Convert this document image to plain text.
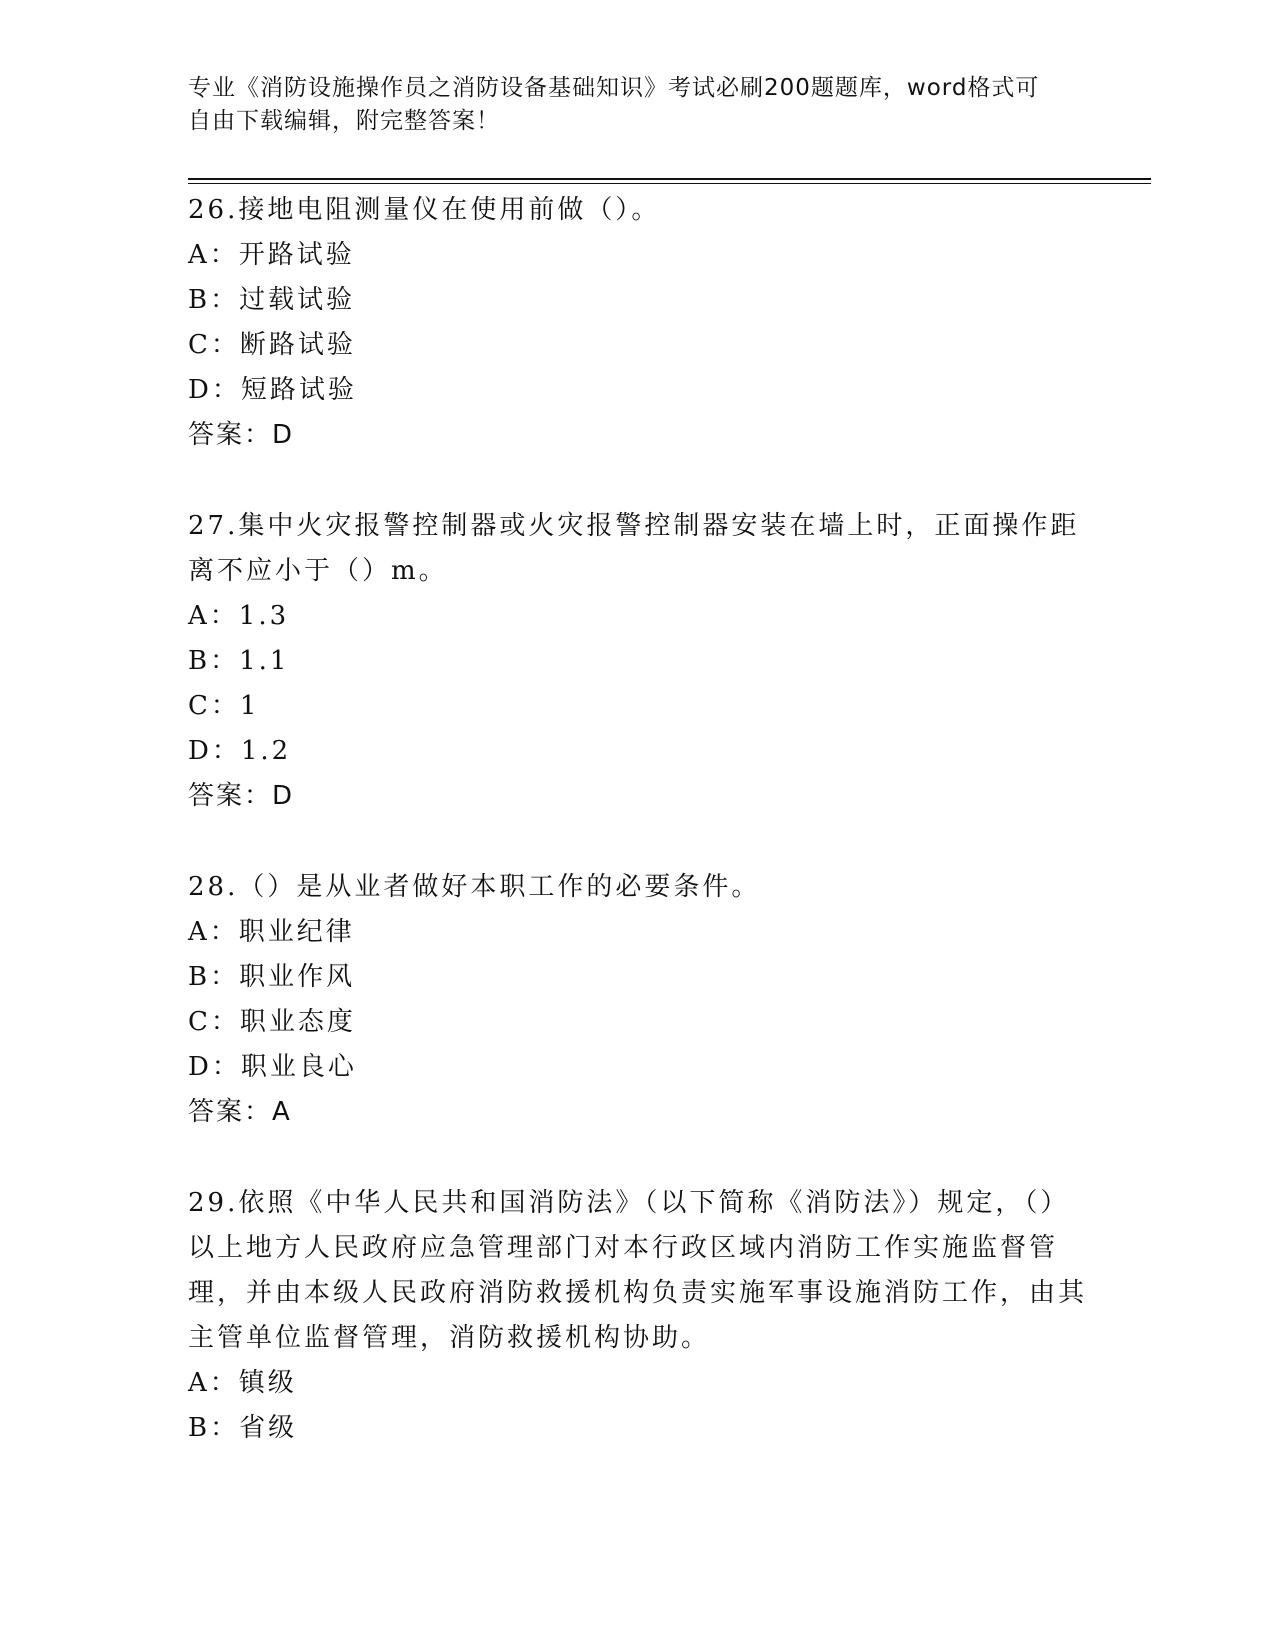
专业《消防设施操作员之消防设备基础知识》考试必刷200题题库，word格式可
自由下载编辑，附完整答案！
26.接地电阻测量仪在使用前做（）。
A：开路试验
B：过载试验
C：断路试验
D：短路试验
答案：D
27.集中火灾报警控制器或火灾报警控制器安装在墙上时，正面操作距离不应小于（）m。
A：1.3
B：1.1
C：1
D：1.2
答案：D
28.（）是从业者做好本职工作的必要条件。
A：职业纪律
B：职业作风
C：职业态度
D：职业良心
答案：A
29.依照《中华人民共和国消防法》（以下简称《消防法》）规定，（）以上地方人民政府应急管理部门对本行政区域内消防工作实施监督管理，并由本级人民政府消防救援机构负责实施军事设施消防工作，由其主管单位监督管理，消防救援机构协助。
A：镇级
B：省级
